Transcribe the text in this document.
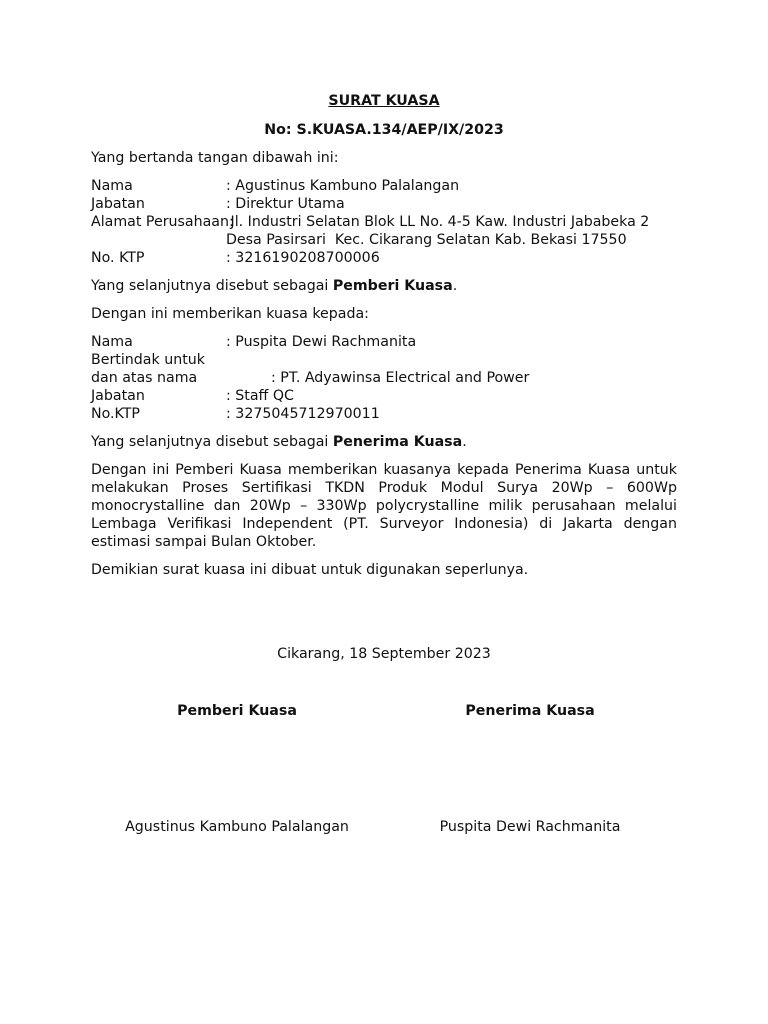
SURAT KUASA
No: S.KUASA.134/AEP/IX/2023
Yang bertanda tangan dibawah ini:
Nama	: Agustinus Kambuno Palalangan
Jabatan	: Direktur Utama
Alamat Perusahaan:
Jl. Industri Selatan Blok LL No. 4-5 Kaw. Industri Jababeka 2
Desa Pasirsari  Kec. Cikarang Selatan Kab. Bekasi 17550
No. KTP	: 3216190208700006
Yang selanjutnya disebut sebagai Pemberi Kuasa.
Dengan ini memberikan kuasa kepada:
Nama	: Puspita Dewi Rachmanita
Bertindak untuk
dan atas nama	: PT. Adyawinsa Electrical and Power
Jabatan	: Staff QC
No.KTP	: 3275045712970011
Yang selanjutnya disebut sebagai Penerima Kuasa.
Dengan ini Pemberi Kuasa memberikan kuasanya kepada Penerima Kuasa untuk melakukan Proses Sertifikasi TKDN Produk Modul Surya 20Wp – 600Wp monocrystalline dan 20Wp – 330Wp polycrystalline milik perusahaan melalui Lembaga Verifikasi Independent (PT. Surveyor Indonesia) di Jakarta dengan estimasi sampai Bulan Oktober.
Demikian surat kuasa ini dibuat untuk digunakan seperlunya.
Cikarang, 18 September 2023
Pemberi Kuasa	Penerima Kuasa
Agustinus Kambuno Palalangan	Puspita Dewi Rachmanita
